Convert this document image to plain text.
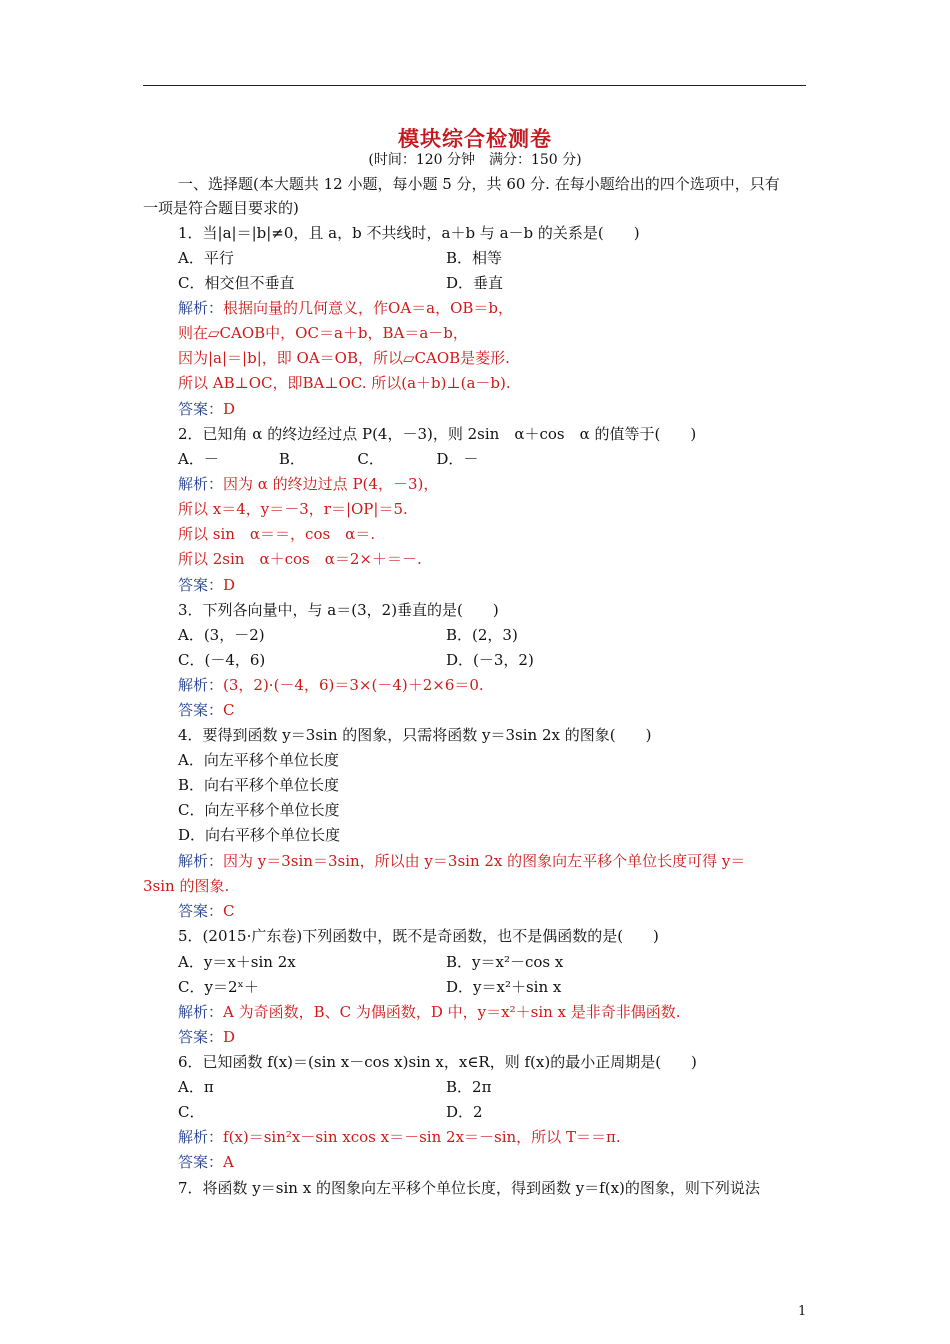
模块综合检测卷
(时间：120 分钟　满分：150 分)
一、选择题(本大题共 12 小题，每小题 5 分，共 60 分. 在每小题给出的四个选项中，只有
一项是符合题目要求的)
1．当|a|＝|b|≠0，且 a，b 不共线时，a＋b 与 a－b 的关系是(　　)
A．平行	B．相等
C．相交但不垂直	D．垂直
解析：根据向量的几何意义，作OA＝a，OB＝b，
则在▱CAOB中，OC＝a＋b，BA＝a－b，
因为|a|＝|b|，即 OA＝OB，所以▱CAOB是菱形.
所以 AB⊥OC，即BA⊥OC. 所以(a＋b)⊥(a－b).
答案：D
2．已知角 α 的终边经过点 P(4，－3)，则 2sin　α＋cos　α 的值等于(　　)
A．－　　　　B．　　　　C．　　　　D．－
解析：因为 α 的终边过点 P(4，－3)，
所以 x＝4，y＝－3，r＝|OP|＝5.
所以 sin　α＝＝，cos　α＝.
所以 2sin　α＋cos　α＝2×＋＝－.
答案：D
3．下列各向量中，与 a＝(3，2)垂直的是(　　)
A．(3，－2)	B．(2，3)
C．(－4，6)	D．(－3，2)
解析：(3，2)·(－4，6)＝3×(－4)＋2×6＝0.
答案：C
4．要得到函数 y＝3sin 的图象，只需将函数 y＝3sin 2x 的图象(　　)
A．向左平移个单位长度
B．向右平移个单位长度
C．向左平移个单位长度
D．向右平移个单位长度
解析：因为 y＝3sin＝3sin，所以由 y＝3sin 2x 的图象向左平移个单位长度可得 y＝
3sin 的图象.
答案：C
5．(2015·广东卷)下列函数中，既不是奇函数，也不是偶函数的是(　　)
A．y＝x＋sin 2x	B．y＝x²－cos x
C．y＝2ˣ＋	D．y＝x²＋sin x
解析：A 为奇函数，B、C 为偶函数，D 中，y＝x²＋sin x 是非奇非偶函数.
答案：D
6．已知函数 f(x)＝(sin x－cos x)sin x，x∈R，则 f(x)的最小正周期是(　　)
A．π	B．2π
C．	D．2
解析：f(x)＝sin²x－sin xcos x＝－sin 2x＝－sin，所以 T＝＝π.
答案：A
7．将函数 y＝sin x 的图象向左平移个单位长度，得到函数 y＝f(x)的图象，则下列说法
1
